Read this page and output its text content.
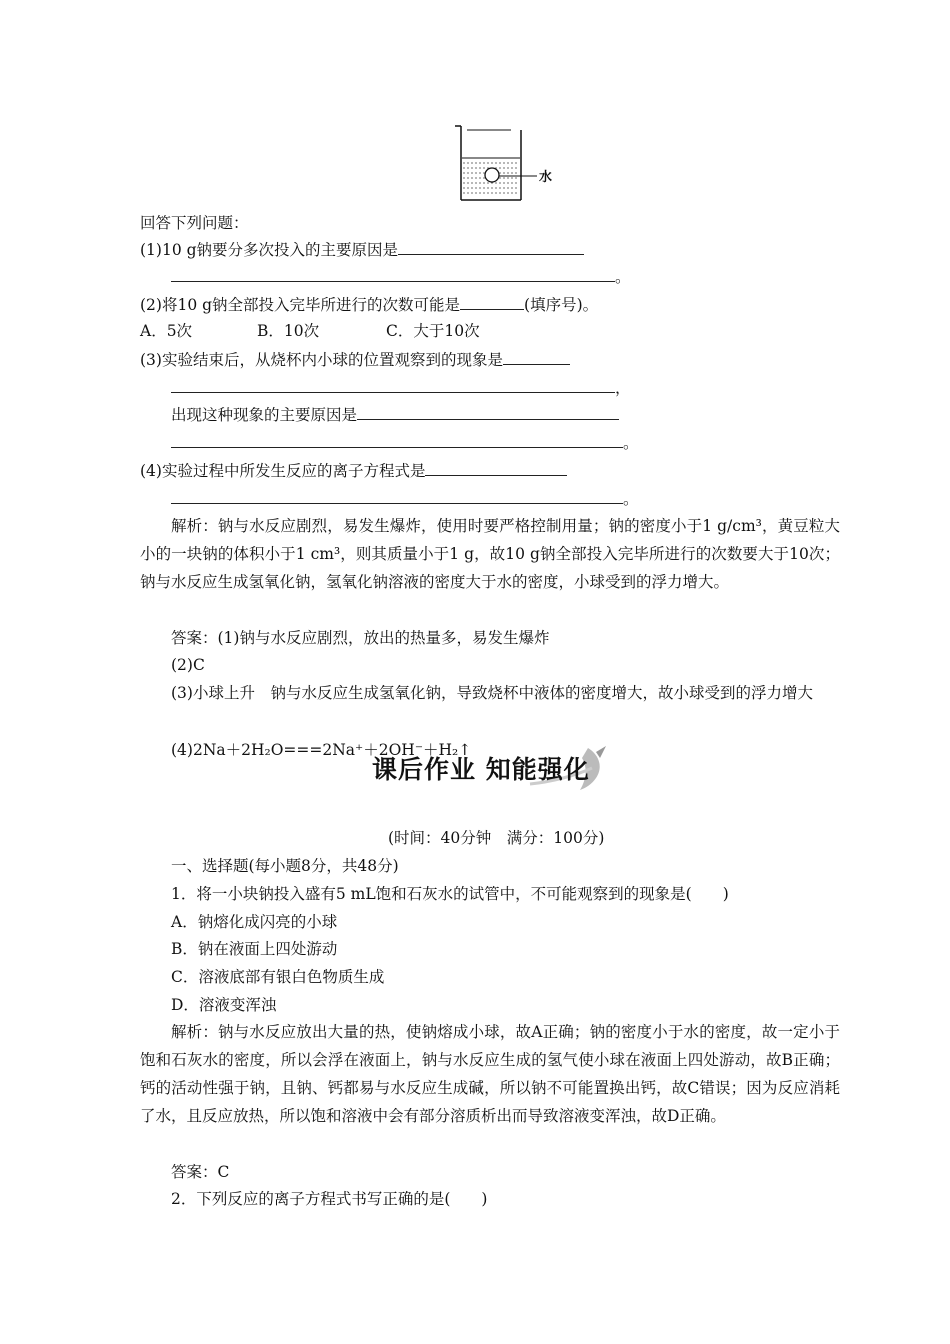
水
回答下列问题：
(1)10 g钠要分多次投入的主要原因是
。
(2)将10 g钠全部投入完毕所进行的次数可能是	(填序号)。
A．5次	B．10次	C．大于10次
(3)实验结束后，从烧杯内小球的位置观察到的现象是
，
出现这种现象的主要原因是
。
(4)实验过程中所发生反应的离子方程式是
。
解析：钠与水反应剧烈，易发生爆炸，使用时要严格控制用量；钠的密度小于1 g/cm³，黄豆粒大小的一块钠的体积小于1 cm³，则其质量小于1 g，故10 g钠全部投入完毕所进行的次数要大于10次；钠与水反应生成氢氧化钠，氢氧化钠溶液的密度大于水的密度，小球受到的浮力增大。
答案：(1)钠与水反应剧烈，放出的热量多，易发生爆炸
(2)C
(3)小球上升　钠与水反应生成氢氧化钠，导致烧杯中液体的密度增大，故小球受到的浮力增大
(4)2Na＋2H₂O===2Na⁺＋2OH⁻＋H₂↑
课后作业 知能强化
(时间：40分钟　满分：100分)
一、选择题(每小题8分，共48分)
1．将一小块钠投入盛有5 mL饱和石灰水的试管中，不可能观察到的现象是(　　)
A．钠熔化成闪亮的小球
B．钠在液面上四处游动
C．溶液底部有银白色物质生成
D．溶液变浑浊
解析：钠与水反应放出大量的热，使钠熔成小球，故A正确；钠的密度小于水的密度，故一定小于饱和石灰水的密度，所以会浮在液面上，钠与水反应生成的氢气使小球在液面上四处游动，故B正确；钙的活动性强于钠，且钠、钙都易与水反应生成碱，所以钠不可能置换出钙，故C错误；因为反应消耗了水，且反应放热，所以饱和溶液中会有部分溶质析出而导致溶液变浑浊，故D正确。
答案：C
2．下列反应的离子方程式书写正确的是(　　)
